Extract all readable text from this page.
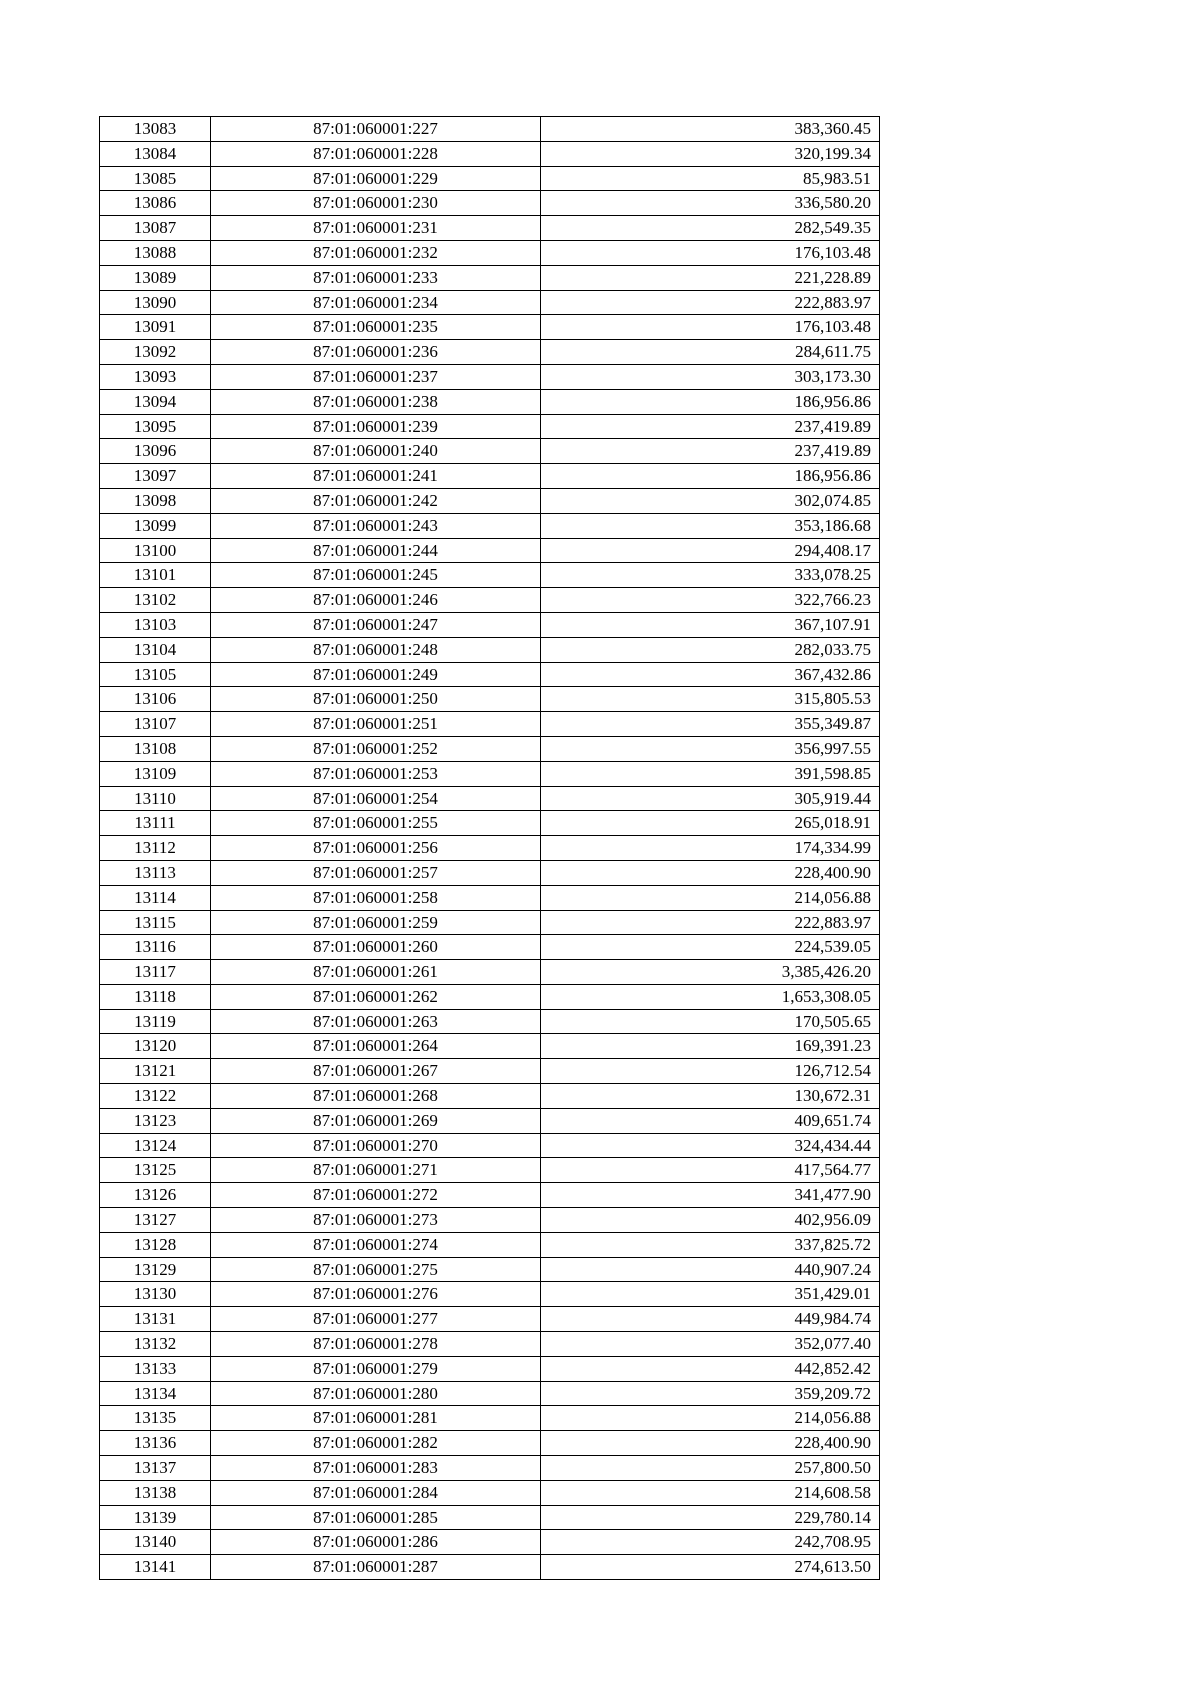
13083	87:01:060001:227	383,360.45
13084	87:01:060001:228	320,199.34
13085	87:01:060001:229	85,983.51
13086	87:01:060001:230	336,580.20
13087	87:01:060001:231	282,549.35
13088	87:01:060001:232	176,103.48
13089	87:01:060001:233	221,228.89
13090	87:01:060001:234	222,883.97
13091	87:01:060001:235	176,103.48
13092	87:01:060001:236	284,611.75
13093	87:01:060001:237	303,173.30
13094	87:01:060001:238	186,956.86
13095	87:01:060001:239	237,419.89
13096	87:01:060001:240	237,419.89
13097	87:01:060001:241	186,956.86
13098	87:01:060001:242	302,074.85
13099	87:01:060001:243	353,186.68
13100	87:01:060001:244	294,408.17
13101	87:01:060001:245	333,078.25
13102	87:01:060001:246	322,766.23
13103	87:01:060001:247	367,107.91
13104	87:01:060001:248	282,033.75
13105	87:01:060001:249	367,432.86
13106	87:01:060001:250	315,805.53
13107	87:01:060001:251	355,349.87
13108	87:01:060001:252	356,997.55
13109	87:01:060001:253	391,598.85
13110	87:01:060001:254	305,919.44
13111	87:01:060001:255	265,018.91
13112	87:01:060001:256	174,334.99
13113	87:01:060001:257	228,400.90
13114	87:01:060001:258	214,056.88
13115	87:01:060001:259	222,883.97
13116	87:01:060001:260	224,539.05
13117	87:01:060001:261	3,385,426.20
13118	87:01:060001:262	1,653,308.05
13119	87:01:060001:263	170,505.65
13120	87:01:060001:264	169,391.23
13121	87:01:060001:267	126,712.54
13122	87:01:060001:268	130,672.31
13123	87:01:060001:269	409,651.74
13124	87:01:060001:270	324,434.44
13125	87:01:060001:271	417,564.77
13126	87:01:060001:272	341,477.90
13127	87:01:060001:273	402,956.09
13128	87:01:060001:274	337,825.72
13129	87:01:060001:275	440,907.24
13130	87:01:060001:276	351,429.01
13131	87:01:060001:277	449,984.74
13132	87:01:060001:278	352,077.40
13133	87:01:060001:279	442,852.42
13134	87:01:060001:280	359,209.72
13135	87:01:060001:281	214,056.88
13136	87:01:060001:282	228,400.90
13137	87:01:060001:283	257,800.50
13138	87:01:060001:284	214,608.58
13139	87:01:060001:285	229,780.14
13140	87:01:060001:286	242,708.95
13141	87:01:060001:287	274,613.50
